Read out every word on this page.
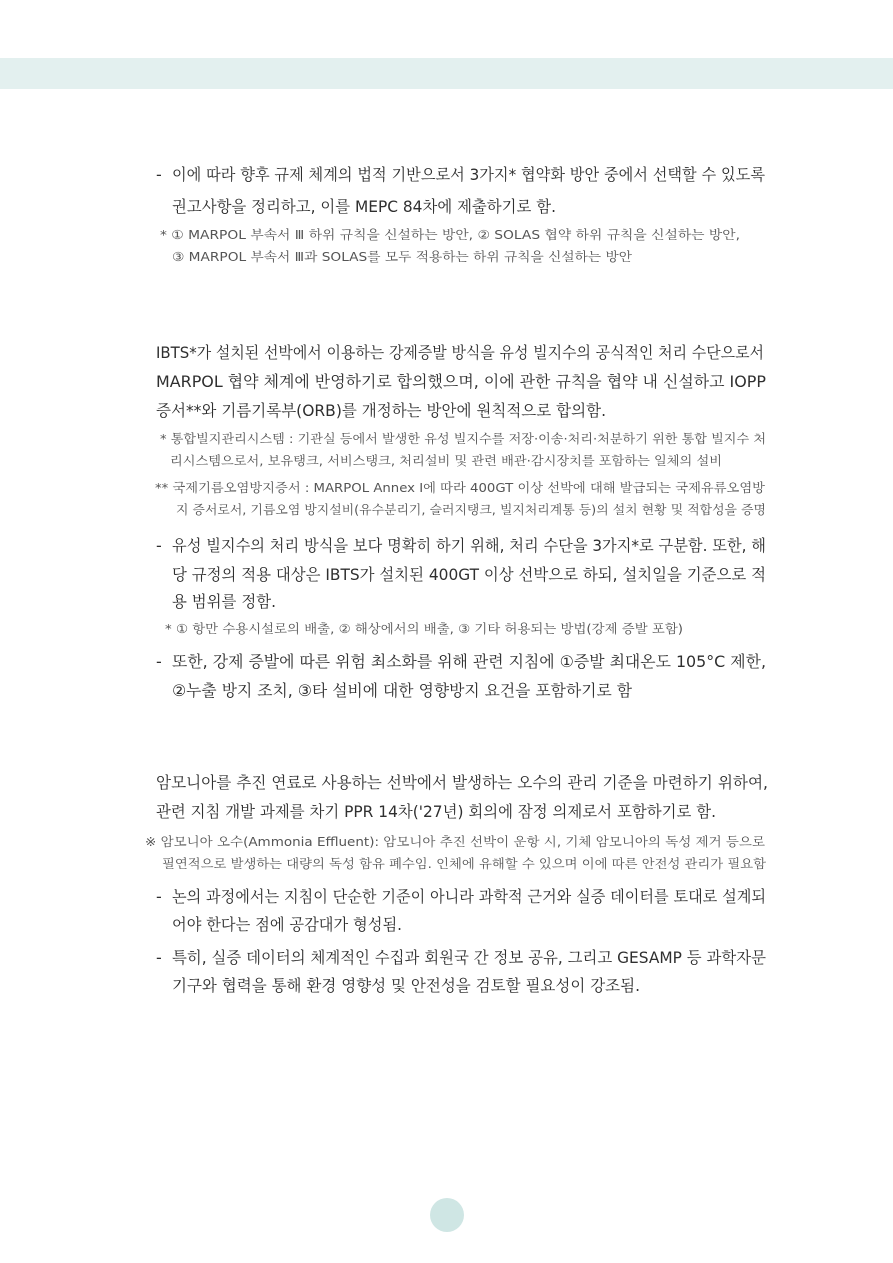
- 이에 따라 향후 규제 체계의 법적 기반으로서 3가지* 협약화 방안 중에서 선택할 수 있도록
권고사항을 정리하고, 이를 MEPC 84차에 제출하기로 함.
* ① MARPOL 부속서 Ⅲ 하위 규칙을 신설하는 방안, ② SOLAS 협약 하위 규칙을 신설하는 방안,
③ MARPOL 부속서 Ⅲ과 SOLAS를 모두 적용하는 하위 규칙을 신설하는 방안
IBTS*가 설치된 선박에서 이용하는 강제증발 방식을 유성 빌지수의 공식적인 처리 수단으로서
MARPOL 협약 체계에 반영하기로 합의했으며, 이에 관한 규칙을 협약 내 신설하고 IOPP
증서**와 기름기록부(ORB)를 개정하는 방안에 원칙적으로 합의함.
* 통합빌지관리시스템 : 기관실 등에서 발생한 유성 빌지수를 저장·이송·처리·처분하기 위한 통합 빌지수 처
리시스템으로서, 보유탱크, 서비스탱크, 처리설비 및 관련 배관·감시장치를 포함하는 일체의 설비
** 국제기름오염방지증서 : MARPOL Annex I에 따라 400GT 이상 선박에 대해 발급되는 국제유류오염방
지 증서로서, 기름오염 방지설비(유수분리기, 슬러지탱크, 빌지처리계통 등)의 설치 현황 및 적합성을 증명
- 유성 빌지수의 처리 방식을 보다 명확히 하기 위해, 처리 수단을 3가지*로 구분함. 또한, 해
당 규정의 적용 대상은 IBTS가 설치된 400GT 이상 선박으로 하되, 설치일을 기준으로 적
용 범위를 정함.
* ① 항만 수용시설로의 배출, ② 해상에서의 배출, ③ 기타 허용되는 방법(강제 증발 포함)
- 또한, 강제 증발에 따른 위험 최소화를 위해 관련 지침에 ①증발 최대온도 105°C 제한,
②누출 방지 조치, ③타 설비에 대한 영향방지 요건을 포함하기로 함
암모니아를 추진 연료로 사용하는 선박에서 발생하는 오수의 관리 기준을 마련하기 위하여,
관련 지침 개발 과제를 차기 PPR 14차('27년) 회의에 잠정 의제로서 포함하기로 함.
※ 암모니아 오수(Ammonia Effluent): 암모니아 추진 선박이 운항 시, 기체 암모니아의 독성 제거 등으로
필연적으로 발생하는 대량의 독성 함유 폐수임. 인체에 유해할 수 있으며 이에 따른 안전성 관리가 필요함
- 논의 과정에서는 지침이 단순한 기준이 아니라 과학적 근거와 실증 데이터를 토대로 설계되
어야 한다는 점에 공감대가 형성됨.
- 특히, 실증 데이터의 체계적인 수집과 회원국 간 정보 공유, 그리고 GESAMP 등 과학자문
기구와 협력을 통해 환경 영향성 및 안전성을 검토할 필요성이 강조됨.
